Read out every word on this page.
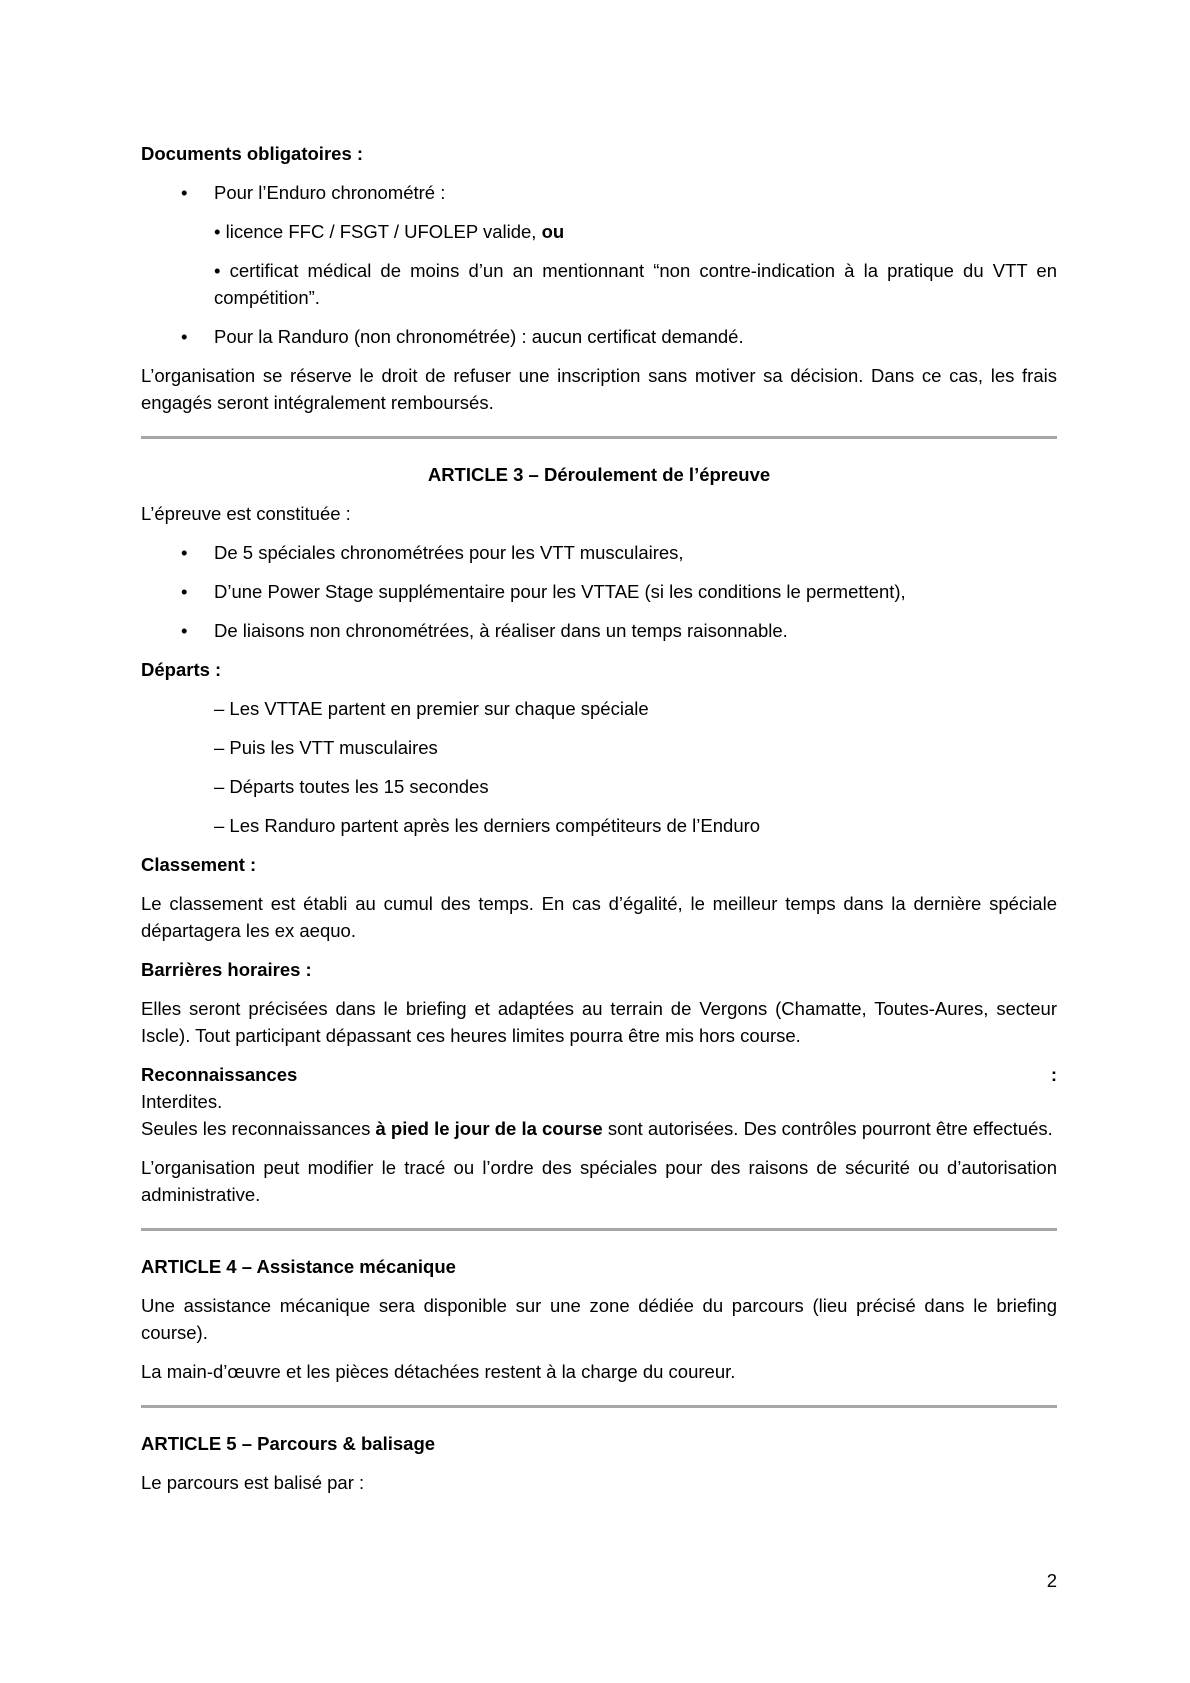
Documents obligatoires :
• Pour l’Enduro chronométré :
• licence FFC / FSGT / UFOLEP valide, ou
• certificat médical de moins d’un an mentionnant “non contre-indication à la pratique du VTT en compétition”.
• Pour la Randuro (non chronométrée) : aucun certificat demandé.
L’organisation se réserve le droit de refuser une inscription sans motiver sa décision. Dans ce cas, les frais engagés seront intégralement remboursés.
ARTICLE 3 – Déroulement de l’épreuve
L’épreuve est constituée :
• De 5 spéciales chronométrées pour les VTT musculaires,
• D’une Power Stage supplémentaire pour les VTTAE (si les conditions le permettent),
• De liaisons non chronométrées, à réaliser dans un temps raisonnable.
Départs :
– Les VTTAE partent en premier sur chaque spéciale
– Puis les VTT musculaires
– Départs toutes les 15 secondes
– Les Randuro partent après les derniers compétiteurs de l’Enduro
Classement :
Le classement est établi au cumul des temps. En cas d’égalité, le meilleur temps dans la dernière spéciale départagera les ex aequo.
Barrières horaires :
Elles seront précisées dans le briefing et adaptées au terrain de Vergons (Chamatte, Toutes-Aures, secteur Iscle). Tout participant dépassant ces heures limites pourra être mis hors course.
Reconnaissances	:
Interdites.
Seules les reconnaissances à pied le jour de la course sont autorisées. Des contrôles pourront être effectués.
L’organisation peut modifier le tracé ou l’ordre des spéciales pour des raisons de sécurité ou d’autorisation administrative.
ARTICLE 4 – Assistance mécanique
Une assistance mécanique sera disponible sur une zone dédiée du parcours (lieu précisé dans le briefing course).
La main-d’œuvre et les pièces détachées restent à la charge du coureur.
ARTICLE 5 – Parcours & balisage
Le parcours est balisé par :
2
